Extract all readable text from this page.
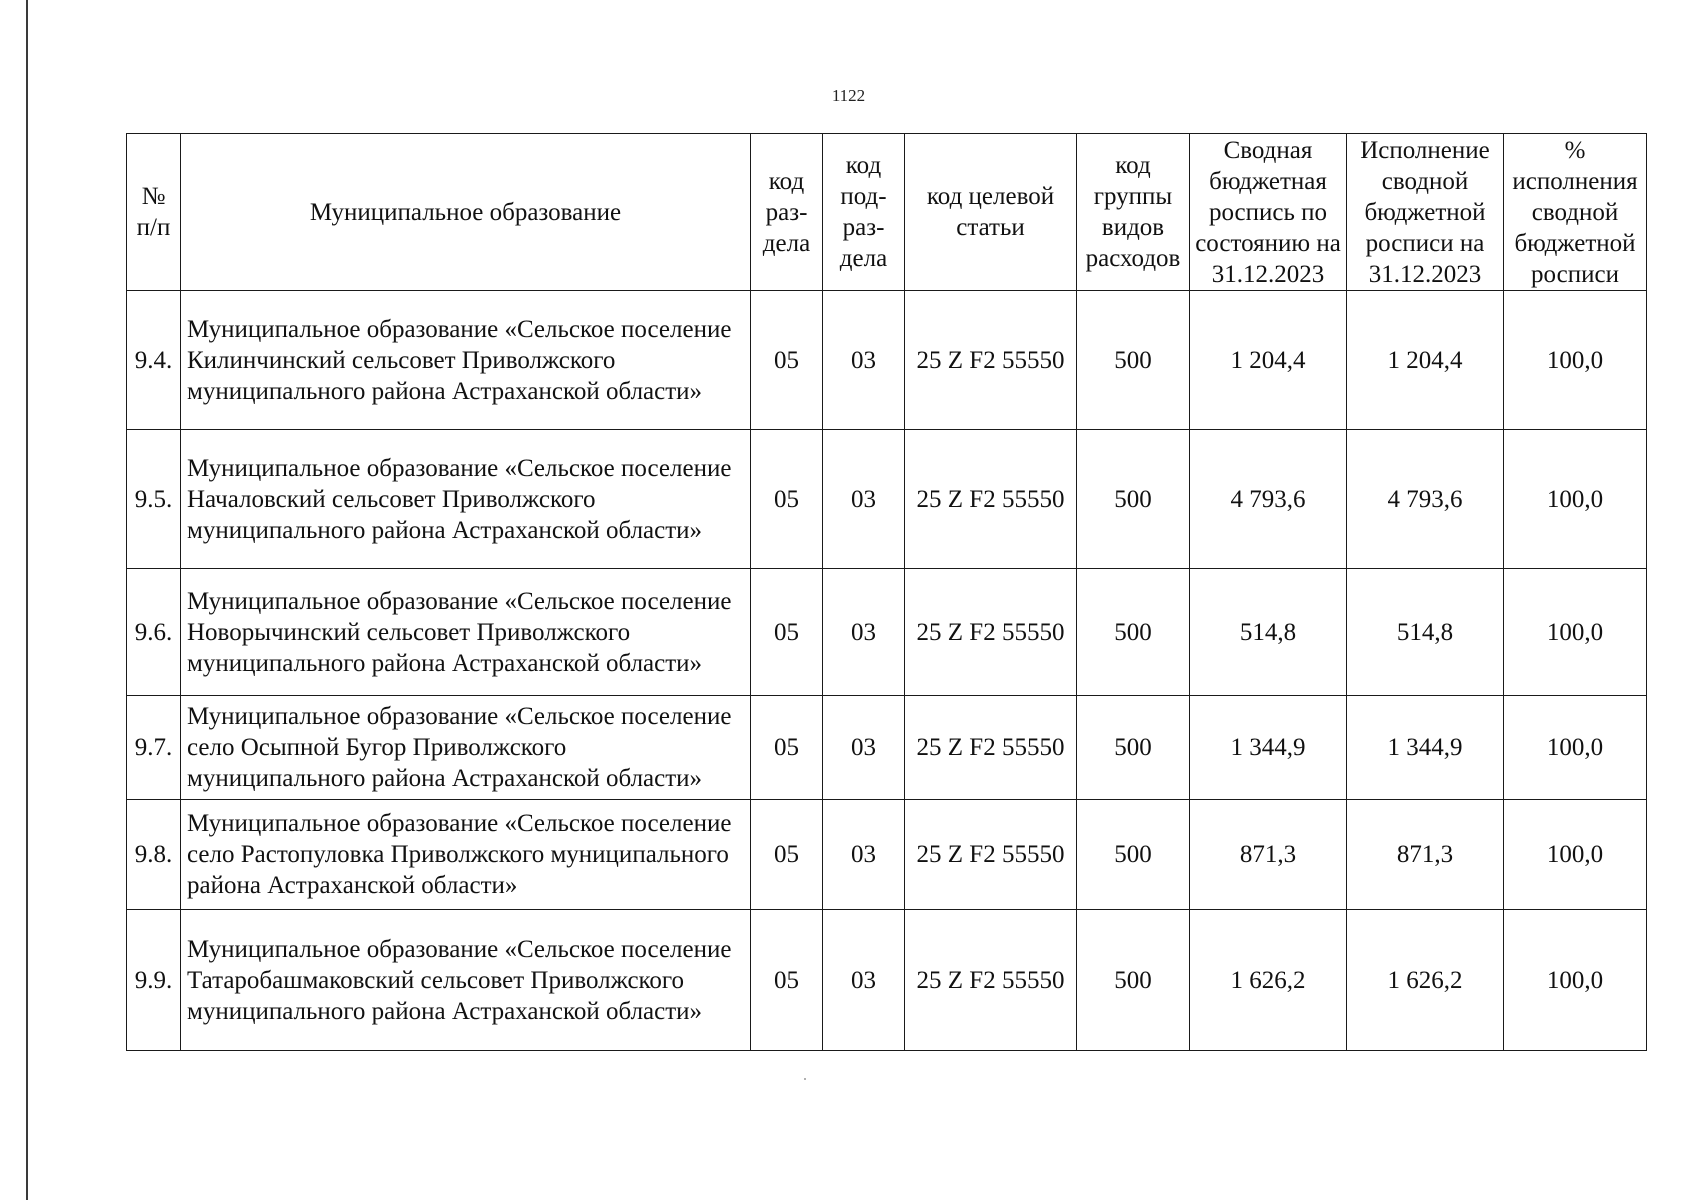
1122
№ п/п	Муниципальное образование	код раз-дела	код под-раз-дела	код целевой статьи	код группы видов расходов	Сводная бюджетная роспись по состоянию на 31.12.2023	Исполнение сводной бюджетной росписи на 31.12.2023	% исполнения сводной бюджетной росписи
9.4.	Муниципальное образование «Сельское поселение Килинчинский сельсовет Приволжского муниципального района Астраханской области»	05	03	25 Z F2 55550	500	1 204,4	1 204,4	100,0
9.5.	Муниципальное образование «Сельское поселение Началовский сельсовет Приволжского муниципального района Астраханской области»	05	03	25 Z F2 55550	500	4 793,6	4 793,6	100,0
9.6.	Муниципальное образование «Сельское поселение Новорычинский сельсовет Приволжского муниципального района Астраханской области»	05	03	25 Z F2 55550	500	514,8	514,8	100,0
9.7.	Муниципальное образование «Сельское поселение село Осыпной Бугор Приволжского муниципального района Астраханской области»	05	03	25 Z F2 55550	500	1 344,9	1 344,9	100,0
9.8.	Муниципальное образование «Сельское поселение село Растопуловка Приволжского муниципального района Астраханской области»	05	03	25 Z F2 55550	500	871,3	871,3	100,0
9.9.	Муниципальное образование «Сельское поселение Татаробашмаковский сельсовет Приволжского муниципального района Астраханской области»	05	03	25 Z F2 55550	500	1 626,2	1 626,2	100,0
